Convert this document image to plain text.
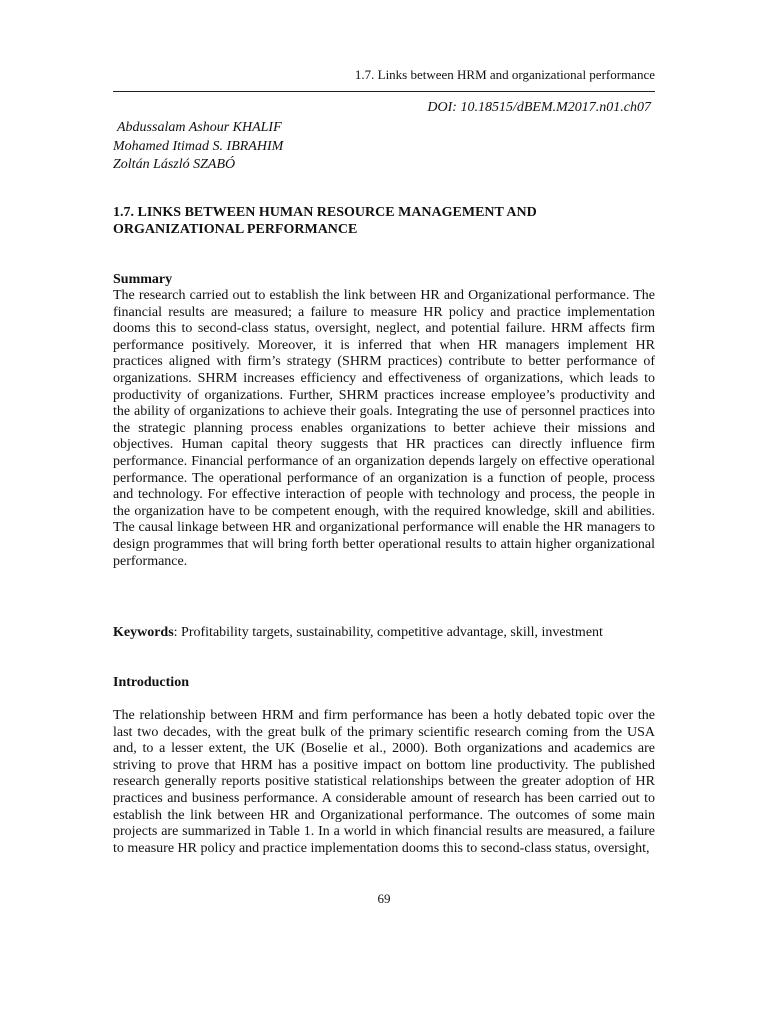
1.7. Links between HRM and organizational performance
DOI: 10.18515/dBEM.M2017.n01.ch07
Abdussalam Ashour KHALIF
Mohamed Itimad S. IBRAHIM
Zoltán László SZABÓ
1.7. LINKS BETWEEN HUMAN RESOURCE MANAGEMENT AND ORGANIZATIONAL PERFORMANCE
Summary

The research carried out to establish the link between HR and Organizational performance. The financial results are measured; a failure to measure HR policy and practice implementation dooms this to second-class status, oversight, neglect, and potential failure. HRM affects firm performance positively. Moreover, it is inferred that when HR managers implement HR practices aligned with firm’s strategy (SHRM practices) contribute to better performance of organizations. SHRM increases efficiency and effectiveness of organizations, which leads to productivity of organizations. Further, SHRM practices increase employee’s productivity and the ability of organizations to achieve their goals. Integrating the use of personnel practices into the strategic planning process enables organizations to better achieve their missions and objectives. Human capital theory suggests that HR practices can directly influence firm performance. Financial performance of an organization depends largely on effective operational performance. The operational performance of an organization is a function of people, process and technology. For effective interaction of people with technology and process, the people in the organization have to be competent enough, with the required knowledge, skill and abilities. The causal linkage between HR and organizational performance will enable the HR managers to design programmes that will bring forth better operational results to attain higher organizational performance.

Keywords: Profitability targets, sustainability, competitive advantage, skill, investment
Introduction

The relationship between HRM and firm performance has been a hotly debated topic over the last two decades, with the great bulk of the primary scientific research coming from the USA and, to a lesser extent, the UK (Boselie et al., 2000). Both organizations and academics are striving to prove that HRM has a positive impact on bottom line productivity. The published research generally reports positive statistical relationships between the greater adoption of HR practices and business performance. A considerable amount of research has been carried out to establish the link between HR and Organizational performance. The outcomes of some main projects are summarized in Table 1. In a world in which financial results are measured, a failure to measure HR policy and practice implementation dooms this to second-class status, oversight,

69
